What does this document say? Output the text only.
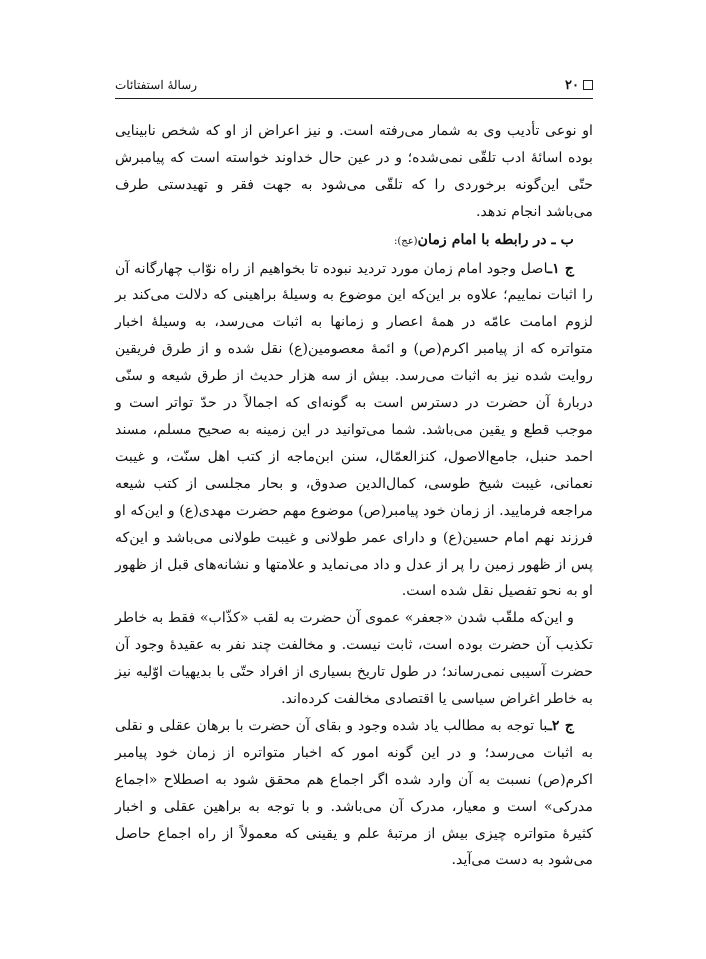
۲۰
رسالهٔ استفتائات

او نوعی تأدیب وی به شمار می‌رفته است. و نیز اعراض از او که شخص نابینایی بوده اسائهٔ ادب تلقّی نمی‌شده؛ و در عین حال خداوند خواسته است که پیامبرش حتّی این‌گونه برخوردی را که تلقّی می‌شود به جهت فقر و تهیدستی طرف می‌باشد انجام ندهد.

ب ـ در رابطه با امام زمان(عج):

ج ۱ـاصل وجود امام زمان مورد تردید نبوده تا بخواهیم از راه نوّاب چهارگانه آن را اثبات نماییم؛ علاوه بر این‌که این موضوع به وسیلهٔ براهینی که دلالت می‌کند بر لزوم امامت عامّه در همهٔ اعصار و زمانها به اثبات می‌رسد، به وسیلهٔ اخبار متواتره که از پیامبر اکرم(ص) و ائمهٔ معصومین(ع) نقل شده و از طرق فریقین روایت شده نیز به اثبات می‌رسد. بیش از سه هزار حدیث از طرق شیعه و سنّی دربارهٔ آن حضرت در دسترس است به گونه‌ای که اجمالاً در حدّ تواتر است و موجب قطع و یقین می‌باشد. شما می‌توانید در این زمینه به صحیح مسلم، مسند احمد حنبل، جامع‌الاصول، کنزالعمّال، سنن ابن‌ماجه از کتب اهل سنّت، و غیبت نعمانی، غیبت شیخ طوسی، کمال‌الدین صدوق، و بحار مجلسی از کتب شیعه مراجعه فرمایید. از زمان خود پیامبر(ص) موضوع مهم حضرت مهدی(ع) و این‌که او فرزند نهم امام حسین(ع) و دارای عمر طولانی و غیبت طولانی می‌باشد و این‌که پس از ظهور زمین را پر از عدل و داد می‌نماید و علامتها و نشانه‌های قبل از ظهور او به نحو تفصیل نقل شده است.

و این‌که ملقّب شدن «جعفر» عموی آن حضرت به لقب «کذّاب» فقط به خاطر تکذیب آن حضرت بوده است، ثابت نیست. و مخالفت چند نفر به عقیدهٔ وجود آن حضرت آسیبی نمی‌رساند؛ در طول تاریخ بسیاری از افراد حتّی با بدیهیات اوّلیه نیز به خاطر اغراض سیاسی یا اقتصادی مخالفت کرده‌اند.

ج ۲ـبا توجه به مطالب یاد شده وجود و بقای آن حضرت با برهان عقلی و نقلی به اثبات می‌رسد؛ و در این گونه امور که اخبار متواتره از زمان خود پیامبر اکرم(ص) نسبت به آن وارد شده اگر اجماع هم محقق شود به اصطلاح «اجماع مدرکی» است و معیار، مدرک آن می‌باشد. و با توجه به براهین عقلی و اخبار کثیرهٔ متواتره چیزی بیش از مرتبهٔ علم و یقینی که معمولاً از راه اجماع حاصل می‌شود به دست می‌آید.
